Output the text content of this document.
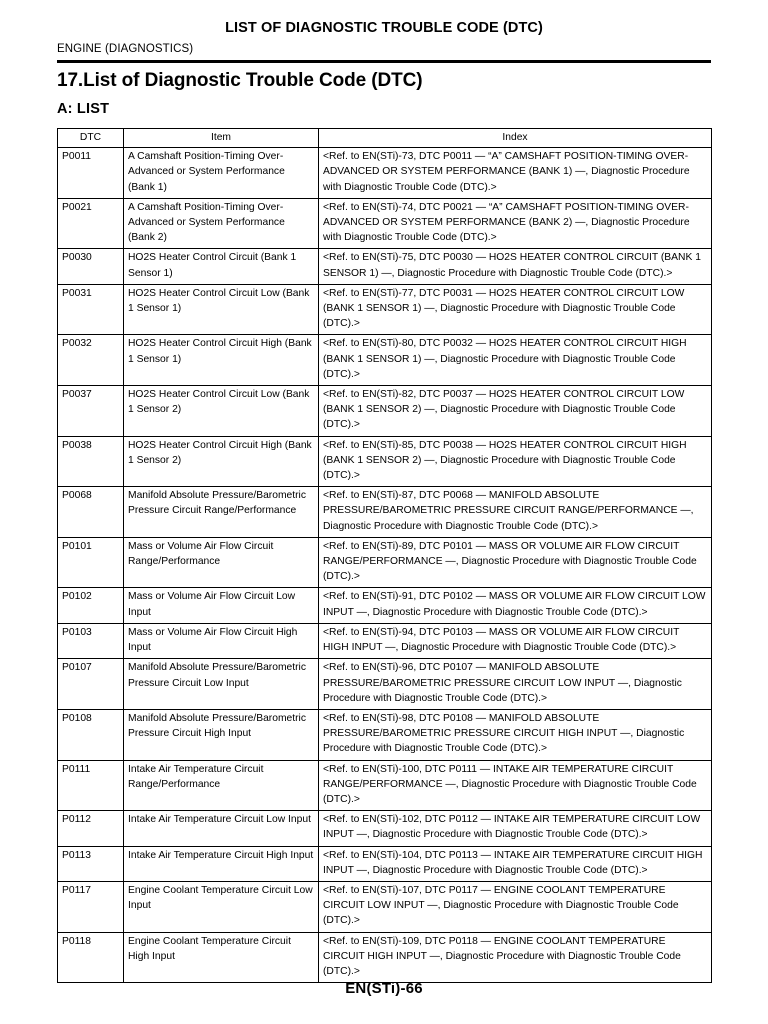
LIST OF DIAGNOSTIC TROUBLE CODE (DTC)
ENGINE (DIAGNOSTICS)
17.List of Diagnostic Trouble Code (DTC)
A: LIST
DTC	Item	Index
P0011	A Camshaft Position-Timing Over-Advanced or System Performance (Bank 1)	<Ref. to EN(STi)-73, DTC P0011 — “A” CAMSHAFT POSITION-TIMING OVER-ADVANCED OR SYSTEM PERFORMANCE (BANK 1) —, Diagnostic Procedure with Diagnostic Trouble Code (DTC).>
P0021	A Camshaft Position-Timing Over-Advanced or System Performance (Bank 2)	<Ref. to EN(STi)-74, DTC P0021 — “A” CAMSHAFT POSITION-TIMING OVER-ADVANCED OR SYSTEM PERFORMANCE (BANK 2) —, Diagnostic Procedure with Diagnostic Trouble Code (DTC).>
P0030	HO2S Heater Control Circuit (Bank 1 Sensor 1)	<Ref. to EN(STi)-75, DTC P0030 — HO2S HEATER CONTROL CIRCUIT (BANK 1 SENSOR 1) —, Diagnostic Procedure with Diagnostic Trouble Code (DTC).>
P0031	HO2S Heater Control Circuit Low (Bank 1 Sensor 1)	<Ref. to EN(STi)-77, DTC P0031 — HO2S HEATER CONTROL CIRCUIT LOW (BANK 1 SENSOR 1) —, Diagnostic Procedure with Diagnostic Trouble Code (DTC).>
P0032	HO2S Heater Control Circuit High (Bank 1 Sensor 1)	<Ref. to EN(STi)-80, DTC P0032 — HO2S HEATER CONTROL CIRCUIT HIGH (BANK 1 SENSOR 1) —, Diagnostic Procedure with Diagnostic Trouble Code (DTC).>
P0037	HO2S Heater Control Circuit Low (Bank 1 Sensor 2)	<Ref. to EN(STi)-82, DTC P0037 — HO2S HEATER CONTROL CIRCUIT LOW (BANK 1 SENSOR 2) —, Diagnostic Procedure with Diagnostic Trouble Code (DTC).>
P0038	HO2S Heater Control Circuit High (Bank 1 Sensor 2)	<Ref. to EN(STi)-85, DTC P0038 — HO2S HEATER CONTROL CIRCUIT HIGH (BANK 1 SENSOR 2) —, Diagnostic Procedure with Diagnostic Trouble Code (DTC).>
P0068	Manifold Absolute Pressure/Barometric Pressure Circuit Range/Performance	<Ref. to EN(STi)-87, DTC P0068 — MANIFOLD ABSOLUTE PRESSURE/BAROMETRIC PRESSURE CIRCUIT RANGE/PERFORMANCE —, Diagnostic Procedure with Diagnostic Trouble Code (DTC).>
P0101	Mass or Volume Air Flow Circuit Range/Performance	<Ref. to EN(STi)-89, DTC P0101 — MASS OR VOLUME AIR FLOW CIRCUIT RANGE/PERFORMANCE —, Diagnostic Procedure with Diagnostic Trouble Code (DTC).>
P0102	Mass or Volume Air Flow Circuit Low Input	<Ref. to EN(STi)-91, DTC P0102 — MASS OR VOLUME AIR FLOW CIRCUIT LOW INPUT —, Diagnostic Procedure with Diagnostic Trouble Code (DTC).>
P0103	Mass or Volume Air Flow Circuit High Input	<Ref. to EN(STi)-94, DTC P0103 — MASS OR VOLUME AIR FLOW CIRCUIT HIGH INPUT —, Diagnostic Procedure with Diagnostic Trouble Code (DTC).>
P0107	Manifold Absolute Pressure/Barometric Pressure Circuit Low Input	<Ref. to EN(STi)-96, DTC P0107 — MANIFOLD ABSOLUTE PRESSURE/BAROMETRIC PRESSURE CIRCUIT LOW INPUT —, Diagnostic Procedure with Diagnostic Trouble Code (DTC).>
P0108	Manifold Absolute Pressure/Barometric Pressure Circuit High Input	<Ref. to EN(STi)-98, DTC P0108 — MANIFOLD ABSOLUTE PRESSURE/BAROMETRIC PRESSURE CIRCUIT HIGH INPUT —, Diagnostic Procedure with Diagnostic Trouble Code (DTC).>
P0111	Intake Air Temperature Circuit Range/Performance	<Ref. to EN(STi)-100, DTC P0111 — INTAKE AIR TEMPERATURE CIRCUIT RANGE/PERFORMANCE —, Diagnostic Procedure with Diagnostic Trouble Code (DTC).>
P0112	Intake Air Temperature Circuit Low Input	<Ref. to EN(STi)-102, DTC P0112 — INTAKE AIR TEMPERATURE CIRCUIT LOW INPUT —, Diagnostic Procedure with Diagnostic Trouble Code (DTC).>
P0113	Intake Air Temperature Circuit High Input	<Ref. to EN(STi)-104, DTC P0113 — INTAKE AIR TEMPERATURE CIRCUIT HIGH INPUT —, Diagnostic Procedure with Diagnostic Trouble Code (DTC).>
P0117	Engine Coolant Temperature Circuit Low Input	<Ref. to EN(STi)-107, DTC P0117 — ENGINE COOLANT TEMPERATURE CIRCUIT LOW INPUT —, Diagnostic Procedure with Diagnostic Trouble Code (DTC).>
P0118	Engine Coolant Temperature Circuit High Input	<Ref. to EN(STi)-109, DTC P0118 — ENGINE COOLANT TEMPERATURE CIRCUIT HIGH INPUT —, Diagnostic Procedure with Diagnostic Trouble Code (DTC).>
EN(STi)-66
